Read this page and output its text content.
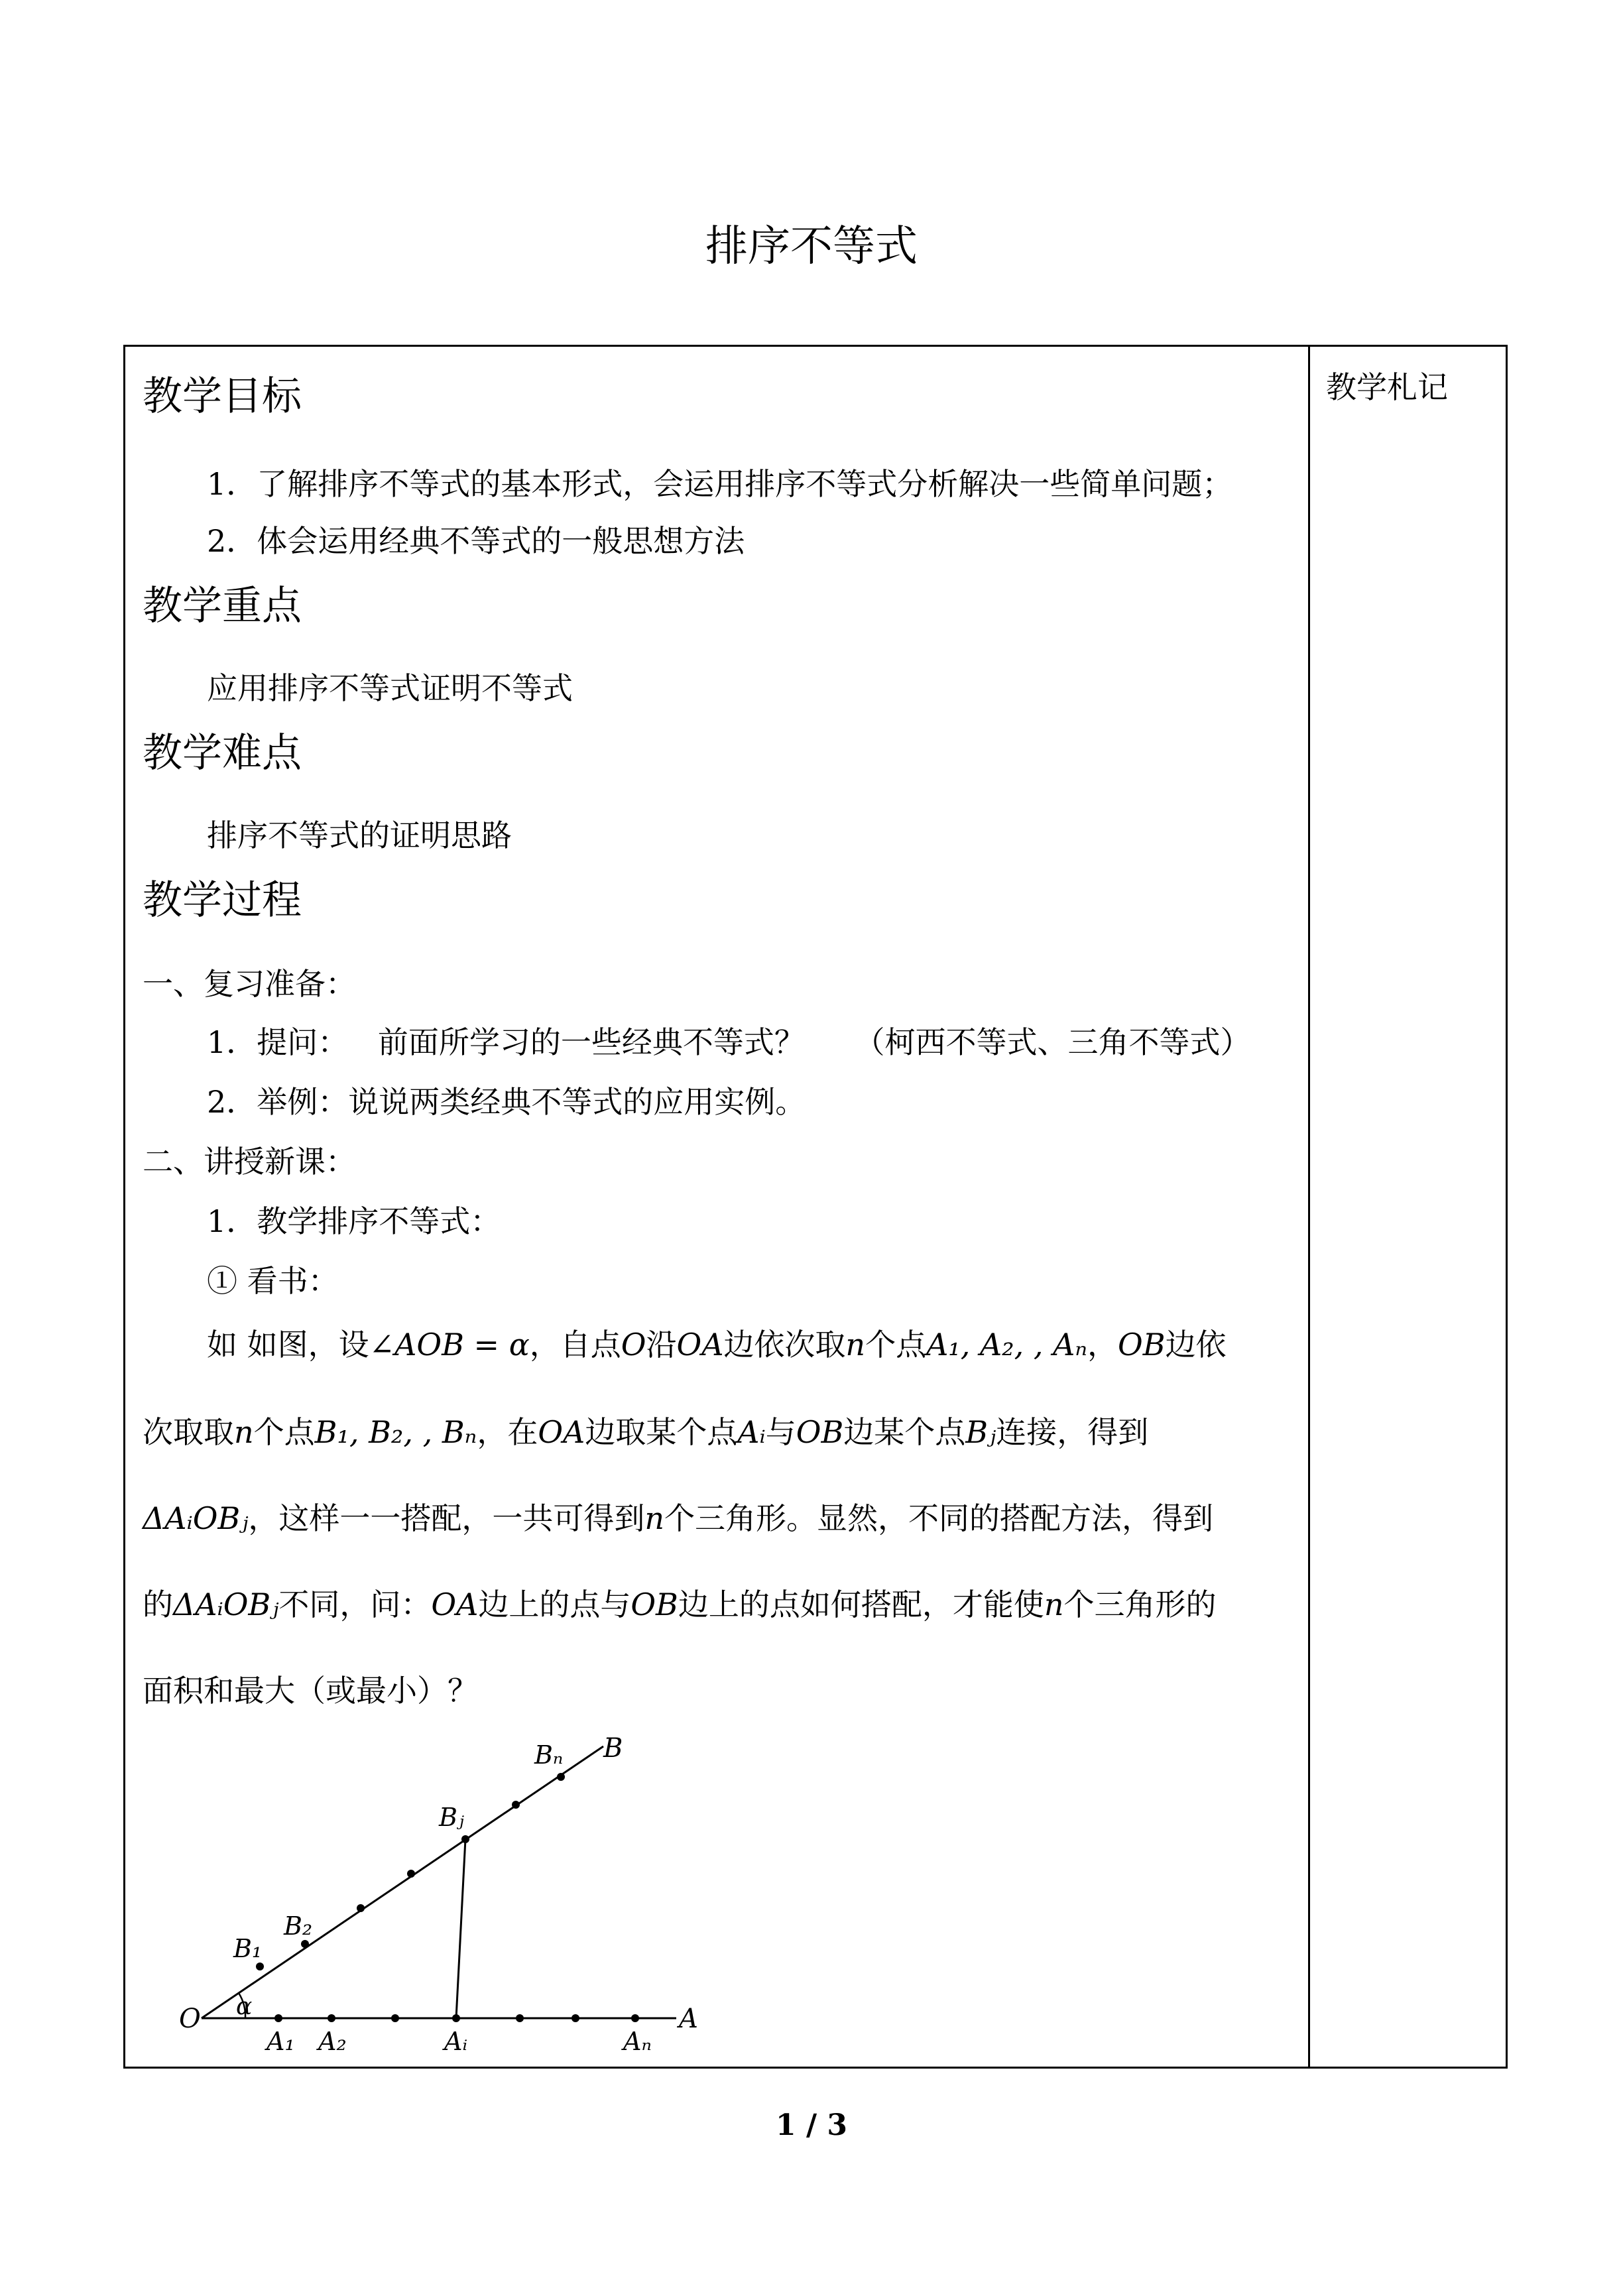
排序不等式
教学札记
教学目标
1．了解排序不等式的基本形式，会运用排序不等式分析解决一些简单问题；
2．体会运用经典不等式的一般思想方法
教学重点
应用排序不等式证明不等式
教学难点
排序不等式的证明思路
教学过程
一、复习准备：
1．提问： 前面所学习的一些经典不等式？ （柯西不等式、三角不等式）
2．举例：说说两类经典不等式的应用实例。
二、讲授新课：
1．教学排序不等式：
① 看书：
如 如图，设∠AOB = α，自点O沿OA边依次取n个点A₁, A₂, , Aₙ，OB边依
次取取n个点B₁, B₂, , Bₙ，在OA边取某个点Aᵢ与OB边某个点Bⱼ连接，得到
ΔAᵢOBⱼ，这样一一搭配，一共可得到n个三角形。显然，不同的搭配方法，得到
的ΔAᵢOBⱼ不同，问：OA边上的点与OB边上的点如何搭配，才能使n个三角形的
面积和最大（或最小）？
O α	A
B
A₁ A₂	Aᵢ	Aₙ
B₁
B₂
Bⱼ
Bₙ
1 / 3
